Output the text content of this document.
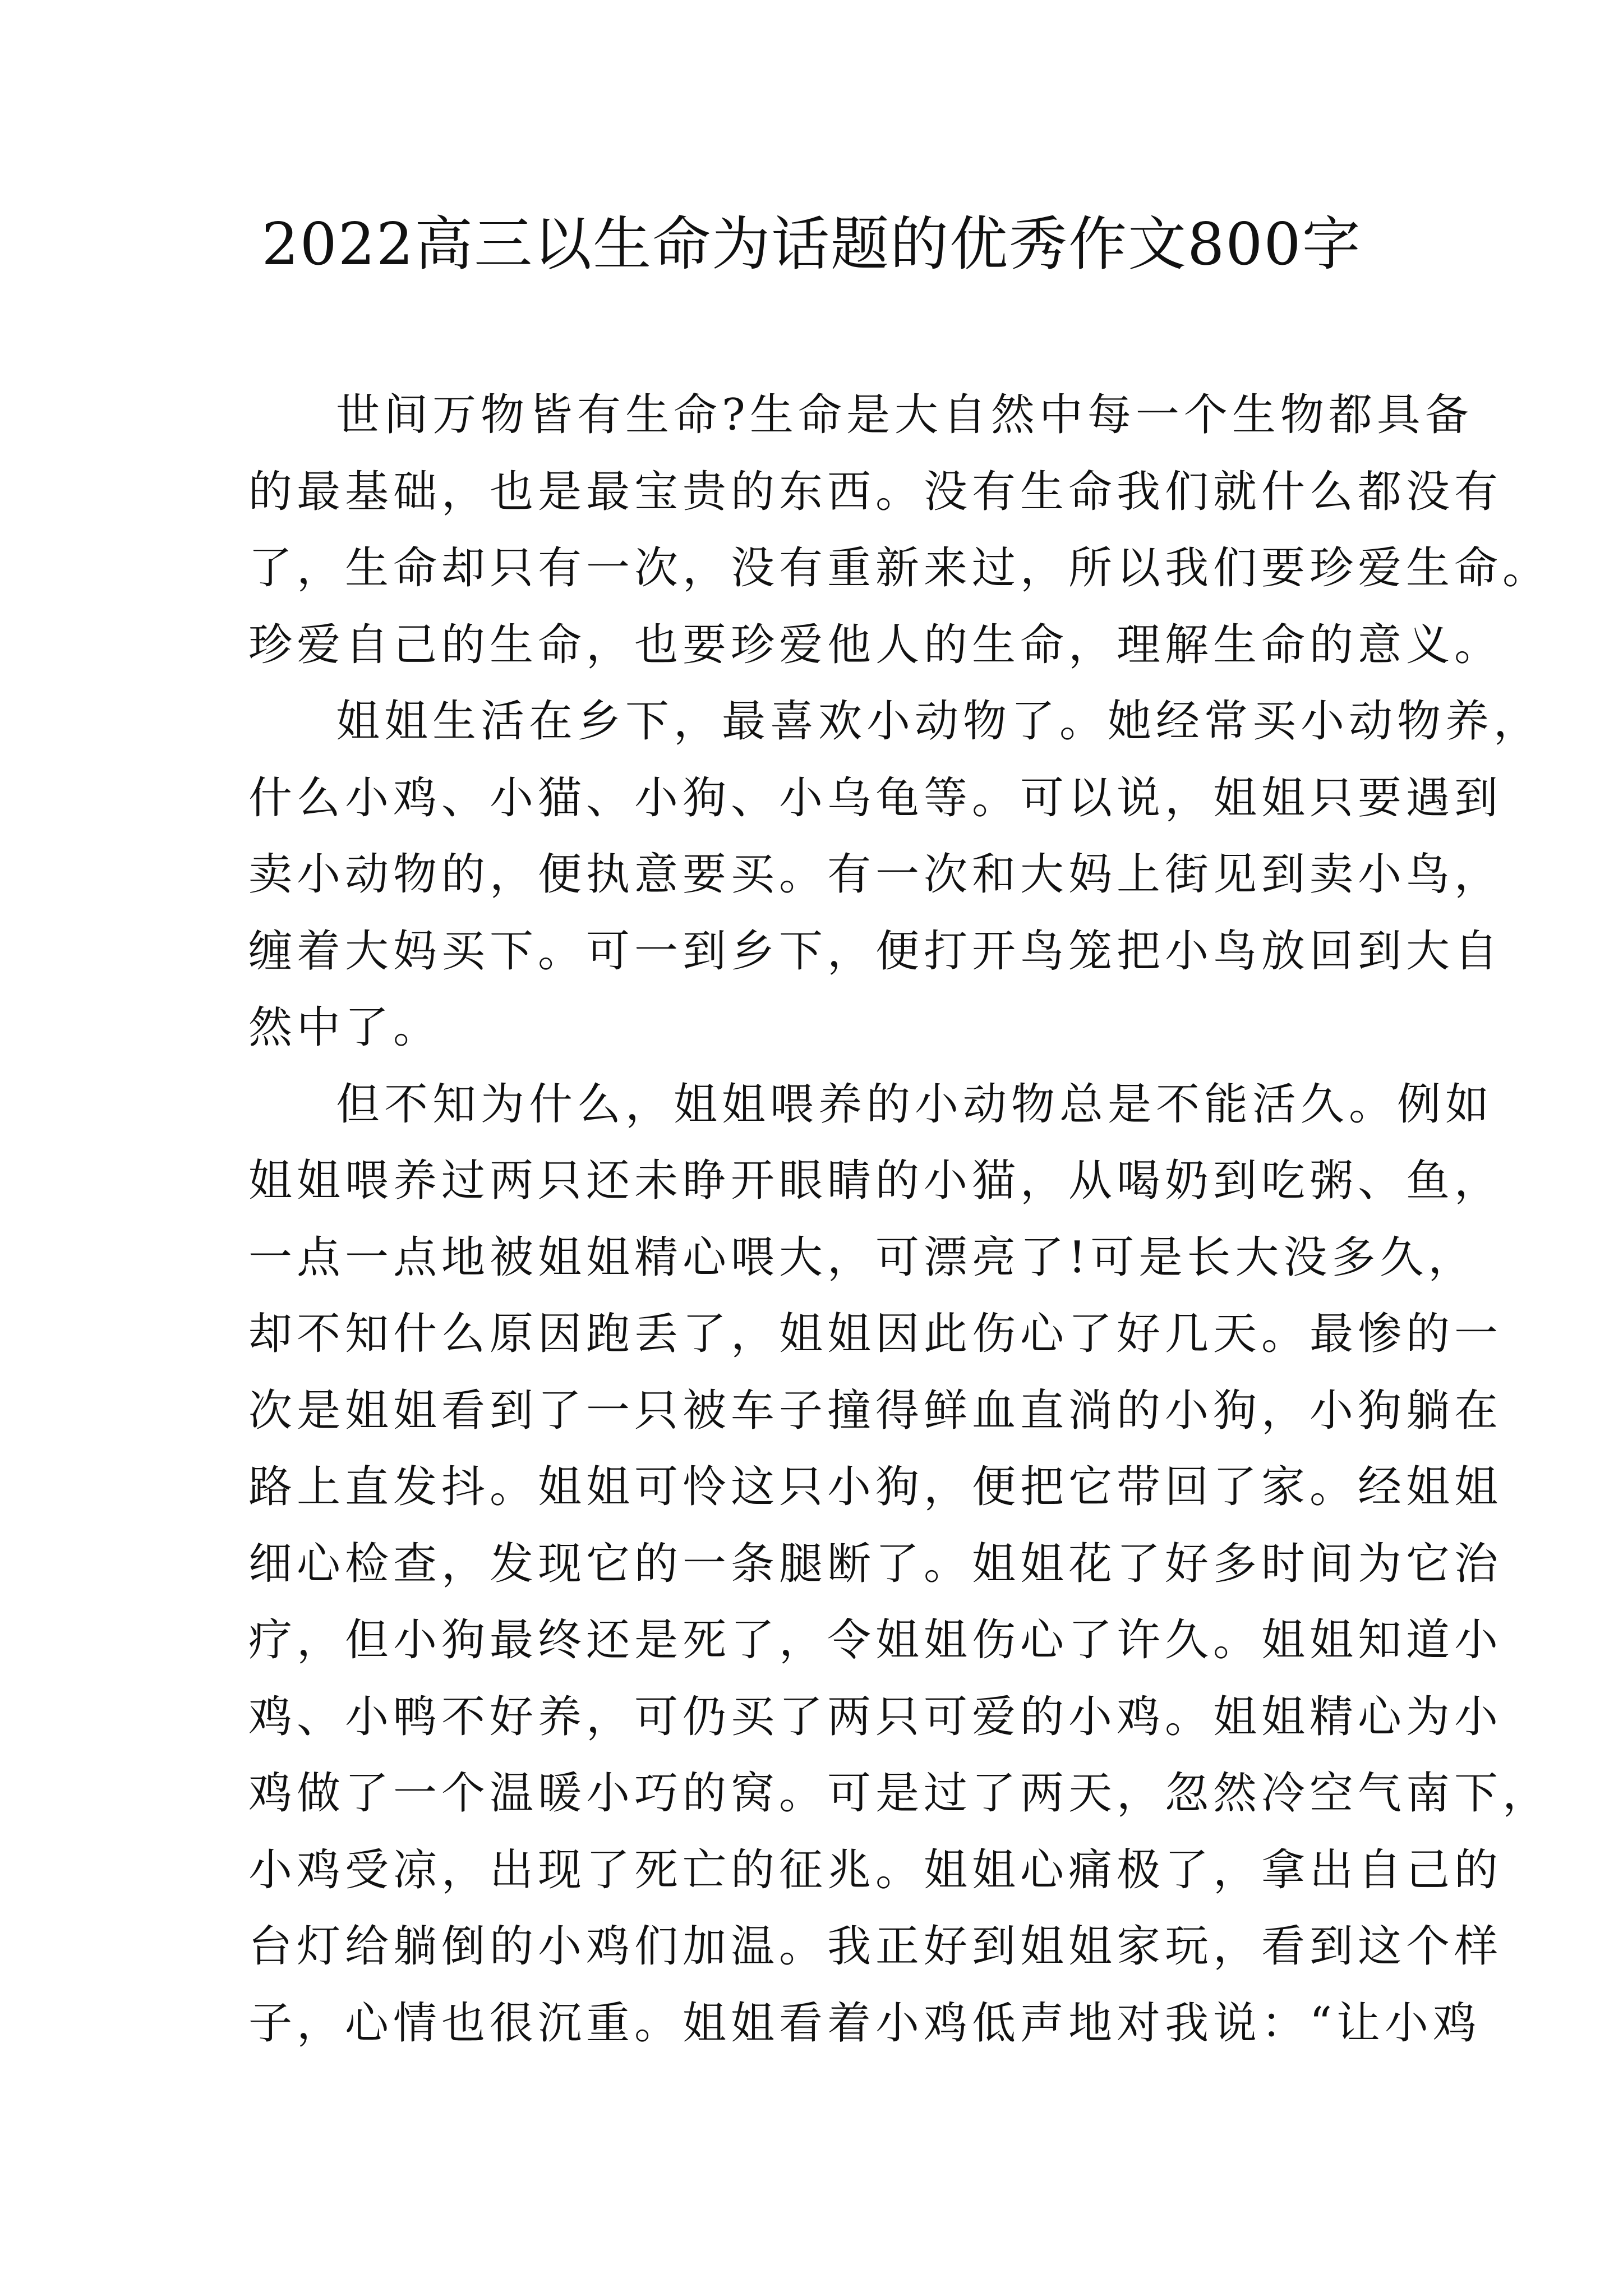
2022高三以生命为话题的优秀作文800字
世间万物皆有生命?生命是大自然中每一个生物都具备
的最基础，也是最宝贵的东西。没有生命我们就什么都没有
了，生命却只有一次，没有重新来过，所以我们要珍爱生命。
珍爱自己的生命，也要珍爱他人的生命，理解生命的意义。
姐姐生活在乡下，最喜欢小动物了。她经常买小动物养，
什么小鸡、小猫、小狗、小乌龟等。可以说，姐姐只要遇到
卖小动物的，便执意要买。有一次和大妈上街见到卖小鸟，
缠着大妈买下。可一到乡下，便打开鸟笼把小鸟放回到大自
然中了。
但不知为什么，姐姐喂养的小动物总是不能活久。例如
姐姐喂养过两只还未睁开眼睛的小猫，从喝奶到吃粥、鱼，
一点一点地被姐姐精心喂大，可漂亮了!可是长大没多久，
却不知什么原因跑丢了，姐姐因此伤心了好几天。最惨的一
次是姐姐看到了一只被车子撞得鲜血直淌的小狗，小狗躺在
路上直发抖。姐姐可怜这只小狗，便把它带回了家。经姐姐
细心检查，发现它的一条腿断了。姐姐花了好多时间为它治
疗，但小狗最终还是死了，令姐姐伤心了许久。姐姐知道小
鸡、小鸭不好养，可仍买了两只可爱的小鸡。姐姐精心为小
鸡做了一个温暖小巧的窝。可是过了两天，忽然冷空气南下，
小鸡受凉，出现了死亡的征兆。姐姐心痛极了，拿出自己的
台灯给躺倒的小鸡们加温。我正好到姐姐家玩，看到这个样
子，心情也很沉重。姐姐看着小鸡低声地对我说：“让小鸡
